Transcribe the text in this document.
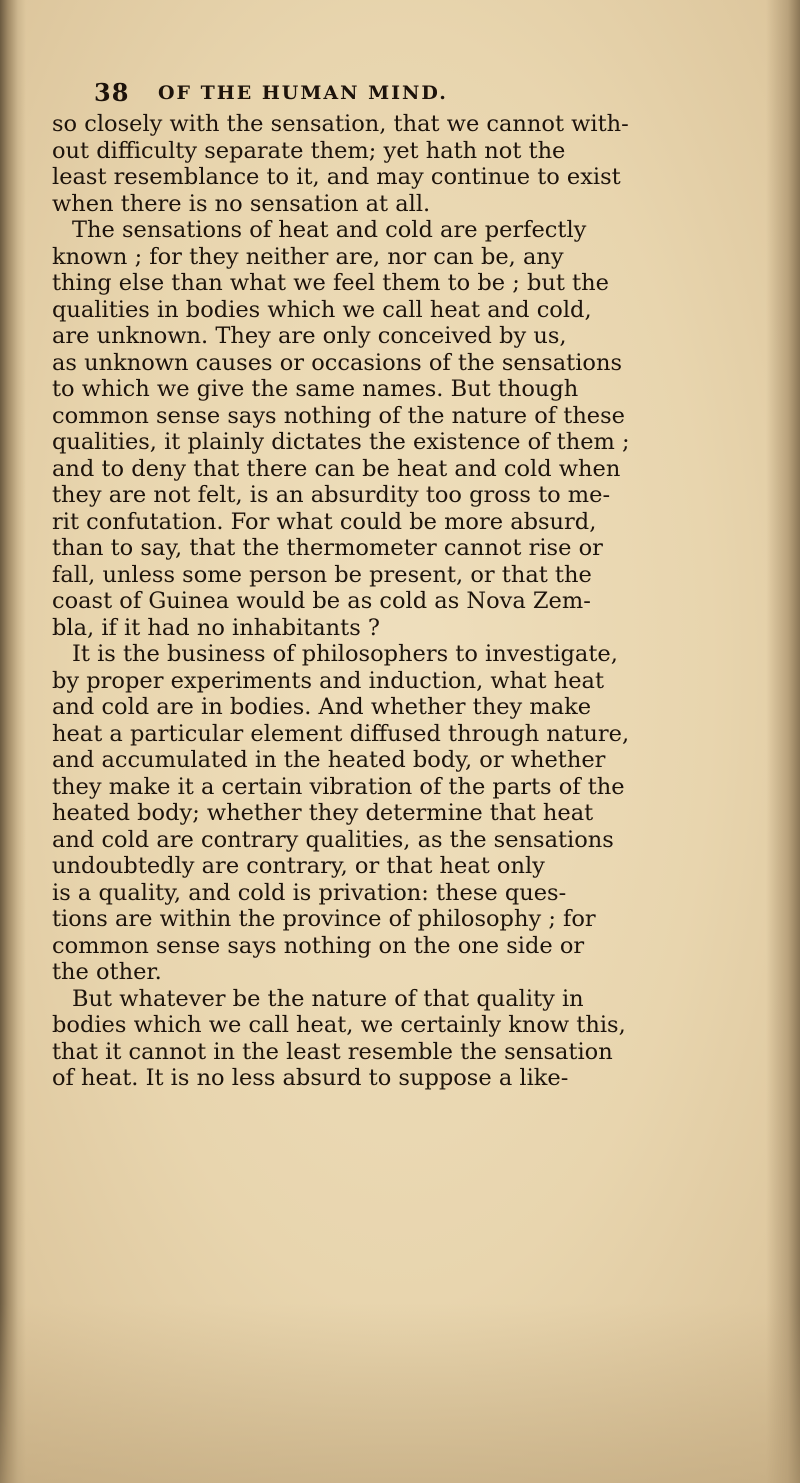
38 OF THE HUMAN MIND.
so closely with the sensation, that we cannot with-
out difficulty separate them; yet hath not the
least resemblance to it, and may continue to exist
when there is no sensation at all.
The sensations of heat and cold are perfectly
known ; for they neither are, nor can be, any
thing else than what we feel them to be ; but the
qualities in bodies which we call heat and cold,
are unknown. They are only conceived by us,
as unknown causes or occasions of the sensations
to which we give the same names. But though
common sense says nothing of the nature of these
qualities, it plainly dictates the existence of them ;
and to deny that there can be heat and cold when
they are not felt, is an absurdity too gross to me-
rit confutation. For what could be more absurd,
than to say, that the thermometer cannot rise or
fall, unless some person be present, or that the
coast of Guinea would be as cold as Nova Zem-
bla, if it had no inhabitants ?
It is the business of philosophers to investigate,
by proper experiments and induction, what heat
and cold are in bodies. And whether they make
heat a particular element diffused through nature,
and accumulated in the heated body, or whether
they make it a certain vibration of the parts of the
heated body; whether they determine that heat
and cold are contrary qualities, as the sensations
undoubtedly are contrary, or that heat only
is a quality, and cold is privation: these ques-
tions are within the province of philosophy ; for
common sense says nothing on the one side or
the other.
But whatever be the nature of that quality in
bodies which we call heat, we certainly know this,
that it cannot in the least resemble the sensation
of heat. It is no less absurd to suppose a like-
